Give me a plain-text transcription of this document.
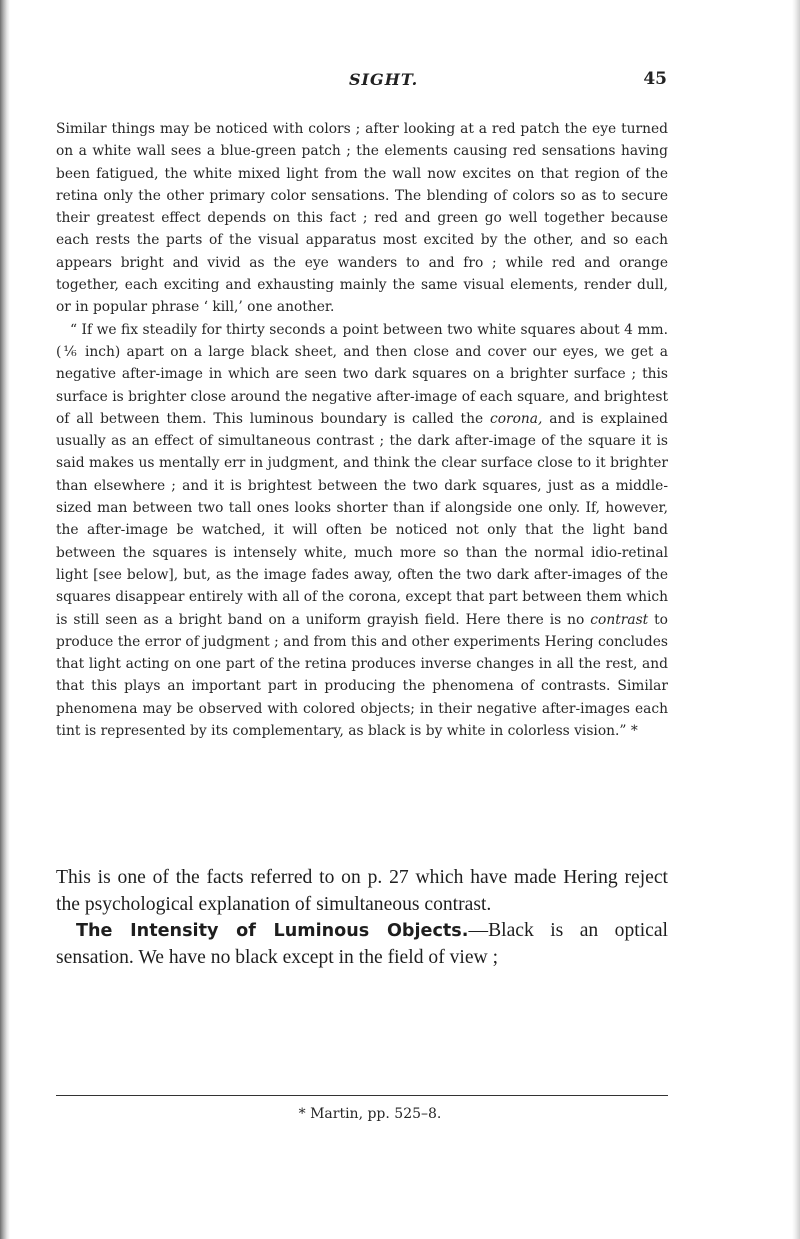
SIGHT.	45

Similar things may be noticed with colors ; after looking at a red patch the eye turned on a white wall sees a blue-green patch ; the elements causing red sensations having been fatigued, the white mixed light from the wall now excites on that region of the retina only the other primary color sensations. The blending of colors so as to secure their greatest effect depends on this fact ; red and green go well together because each rests the parts of the visual apparatus most excited by the other, and so each appears bright and vivid as the eye wanders to and fro ; while red and orange together, each exciting and exhausting mainly the same visual elements, render dull, or in popular phrase ‘ kill,’ one another.

“ If we fix steadily for thirty seconds a point between two white squares about 4 mm. (⅙ inch) apart on a large black sheet, and then close and cover our eyes, we get a negative after-image in which are seen two dark squares on a brighter surface ; this surface is brighter close around the negative after-image of each square, and brightest of all between them. This luminous boundary is called the corona, and is explained usually as an effect of simultaneous contrast ; the dark after-image of the square it is said makes us mentally err in judgment, and think the clear surface close to it brighter than elsewhere ; and it is brightest between the two dark squares, just as a middle-sized man between two tall ones looks shorter than if alongside one only. If, however, the after-image be watched, it will often be noticed not only that the light band between the squares is intensely white, much more so than the normal idio-retinal light [see below], but, as the image fades away, often the two dark after-images of the squares disappear entirely with all of the corona, except that part between them which is still seen as a bright band on a uniform grayish field. Here there is no contrast to produce the error of judgment ; and from this and other experiments Hering concludes that light acting on one part of the retina produces inverse changes in all the rest, and that this plays an important part in producing the phenomena of contrasts. Similar phenomena may be observed with colored objects; in their negative after-images each tint is represented by its complementary, as black is by white in colorless vision.” *

This is one of the facts referred to on p. 27 which have made Hering reject the psychological explanation of simultaneous contrast.

The Intensity of Luminous Objects.—Black is an optical sensation. We have no black except in the field of view ;

* Martin, pp. 525–8.
